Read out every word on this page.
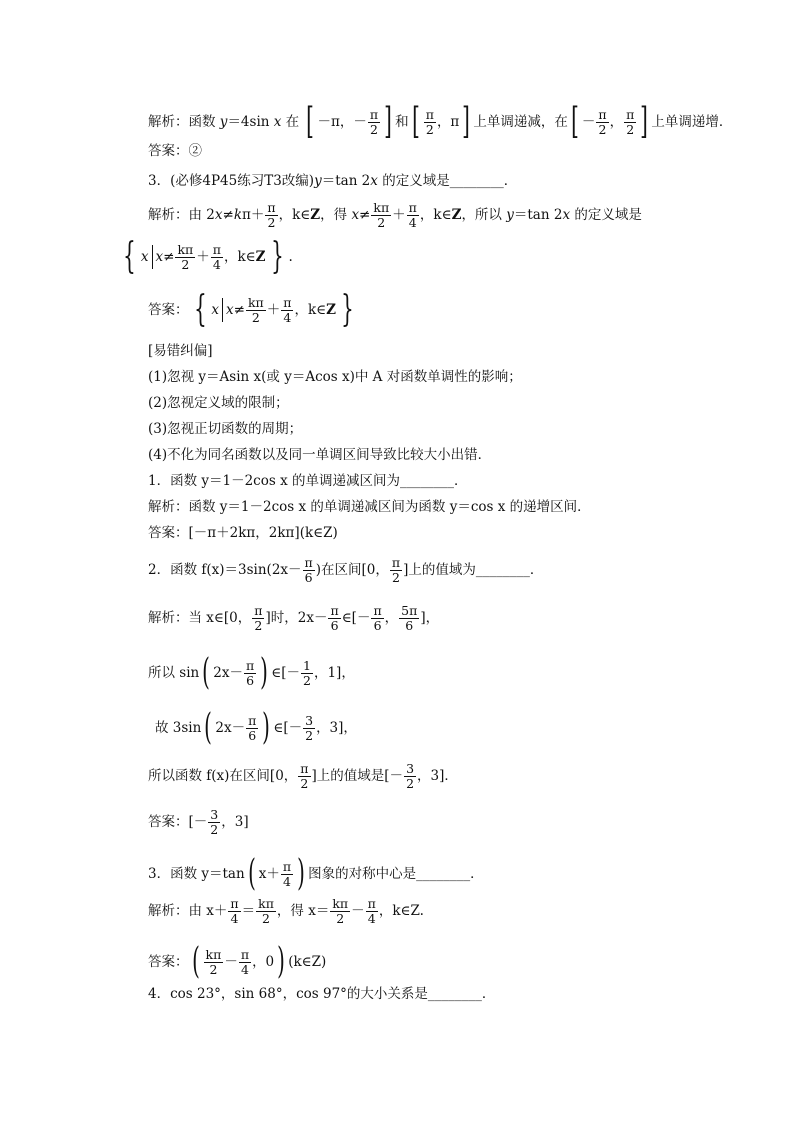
解析：函数 y＝4sin x 在 [ －π，－ $\frac{\pi}{2}$ ] 和[ $\frac{\pi}{2}$ ，π] 上单调递减，在[ － $\frac{\pi}{2}$ ， $\frac{\pi}{2}$ ] 上单调递增．
答案：②
3．(必修4P45练习T3改编)y＝tan 2x 的定义域是________．
解析：由 $2x\ne k\pi+ \frac{\pi}{2}$ ，k∈Z，得 $x\ne \frac{k\pi}{2} + \frac{\pi}{4}$ ，k∈Z，所以 y＝tan 2x 的定义域是
{ x $x\ne \frac{k\pi}{2} + \frac{\pi}{4}$ ，k∈Z } .
答案： { x $x\ne \frac{k\pi}{2} + \frac{\pi}{4}$ ，k∈Z }
[易错纠偏]
(1)忽视 y＝Asin x(或 y＝Acos x)中 A 对函数单调性的影响；
(2)忽视定义域的限制；
(3)忽视正切函数的周期；
(4)不化为同名函数以及同一单调区间导致比较大小出错．
1．函数 y＝1－2cos x 的单调递减区间为________．
解析：函数 y＝1－2cos x 的单调递减区间为函数 y＝cos x 的递增区间．
答案：[－π＋2kπ，2kπ](k∈Z)
2．函数 $f(x)=3\sin(2x- \frac{\pi}{6}$ )在区间[0， $\frac{\pi}{2}$ ]上的值域为________．
解析：当 x∈[0， $\frac{\pi}{2}$ ]时，$2x- \frac{\pi}{6}$ ∈[－ $\frac{\pi}{6}$ ， $\frac{5\pi}{6}$ ]，
所以 sin( $2x- \frac{\pi}{6}$ ) ∈[－ $\frac{1}{2}$ ，1]，
故 3sin( $2x- \frac{\pi}{6}$ ) ∈[－ $\frac{3}{2}$ ，3]，
所以函数 f(x)在区间[0， $\frac{\pi}{2}$ ]上的值域是[－ $\frac{3}{2}$ ，3]．
答案：[－ $\frac{3}{2}$ ，3]
3．函数 y＝tan( $x+ \frac{\pi}{4}$ ) 图象的对称中心是________．
解析：由 $x+ \frac{\pi}{4} = \frac{k\pi}{2}$ ，得 $x= \frac{k\pi}{2} - \frac{\pi}{4}$ ，k∈Z.
答案：( $\frac{k\pi}{2} - \frac{\pi}{4}$ ，0) (k∈Z)
4．cos 23°，sin 68°，cos 97°的大小关系是________．
